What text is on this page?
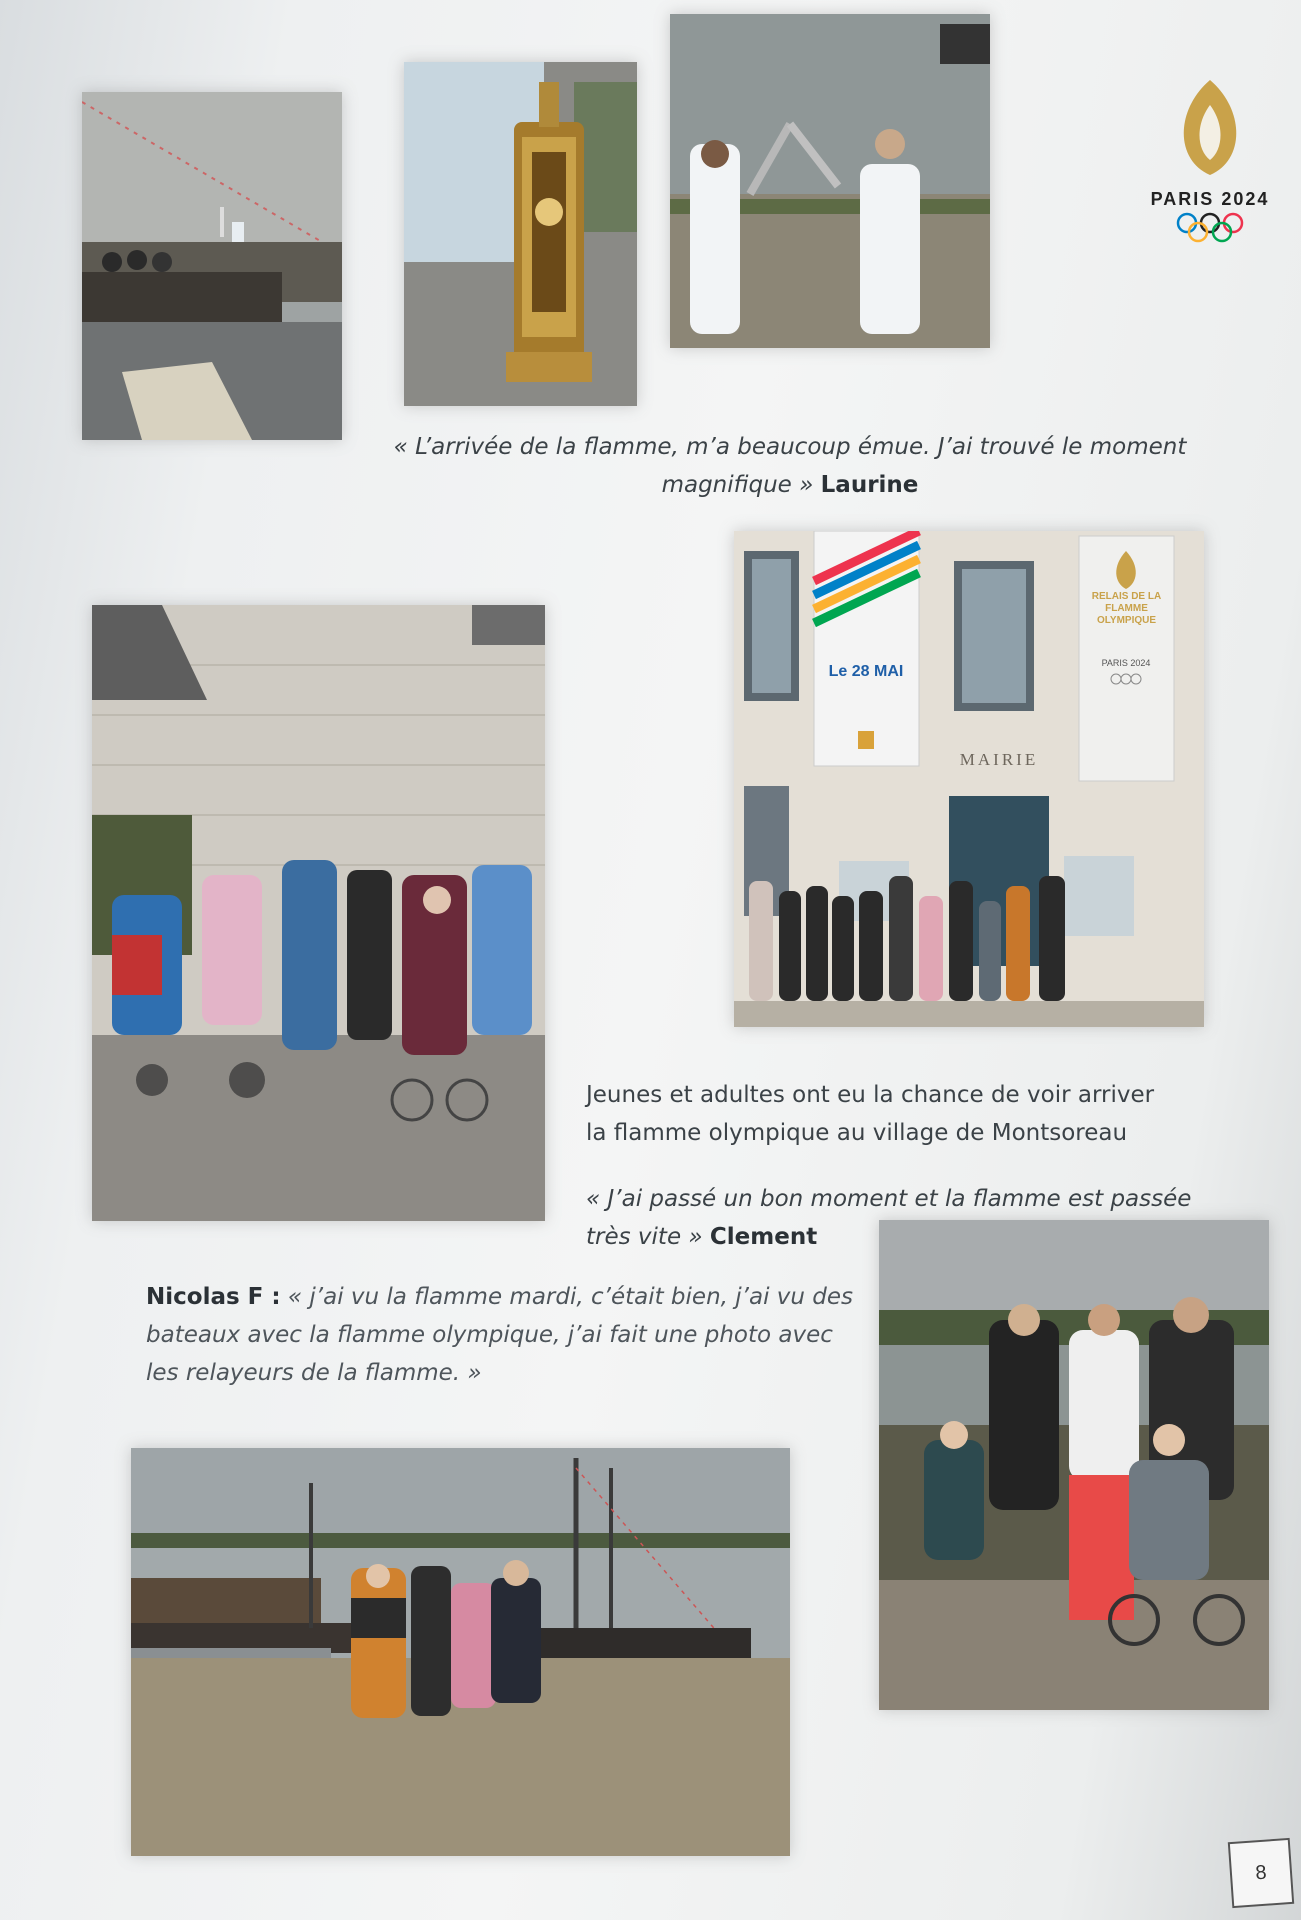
PARIS 2024
« L’arrivée de la flamme, m’a beaucoup émue. J’ai trouvé le moment magnifique » Laurine
Le 28 MAI
RELAIS DE LA FLAMME OLYMPIQUE
PARIS 2024
MAIRIE
Jeunes et adultes ont eu la chance de voir arriver la flamme olympique au village de Montsoreau
« J’ai passé un bon moment et la flamme est passée très vite » Clement
Nicolas F : « j’ai vu la flamme mardi, c’était bien, j’ai vu des bateaux avec la flamme olympique, j’ai fait une photo avec les relayeurs de la flamme. »
8
